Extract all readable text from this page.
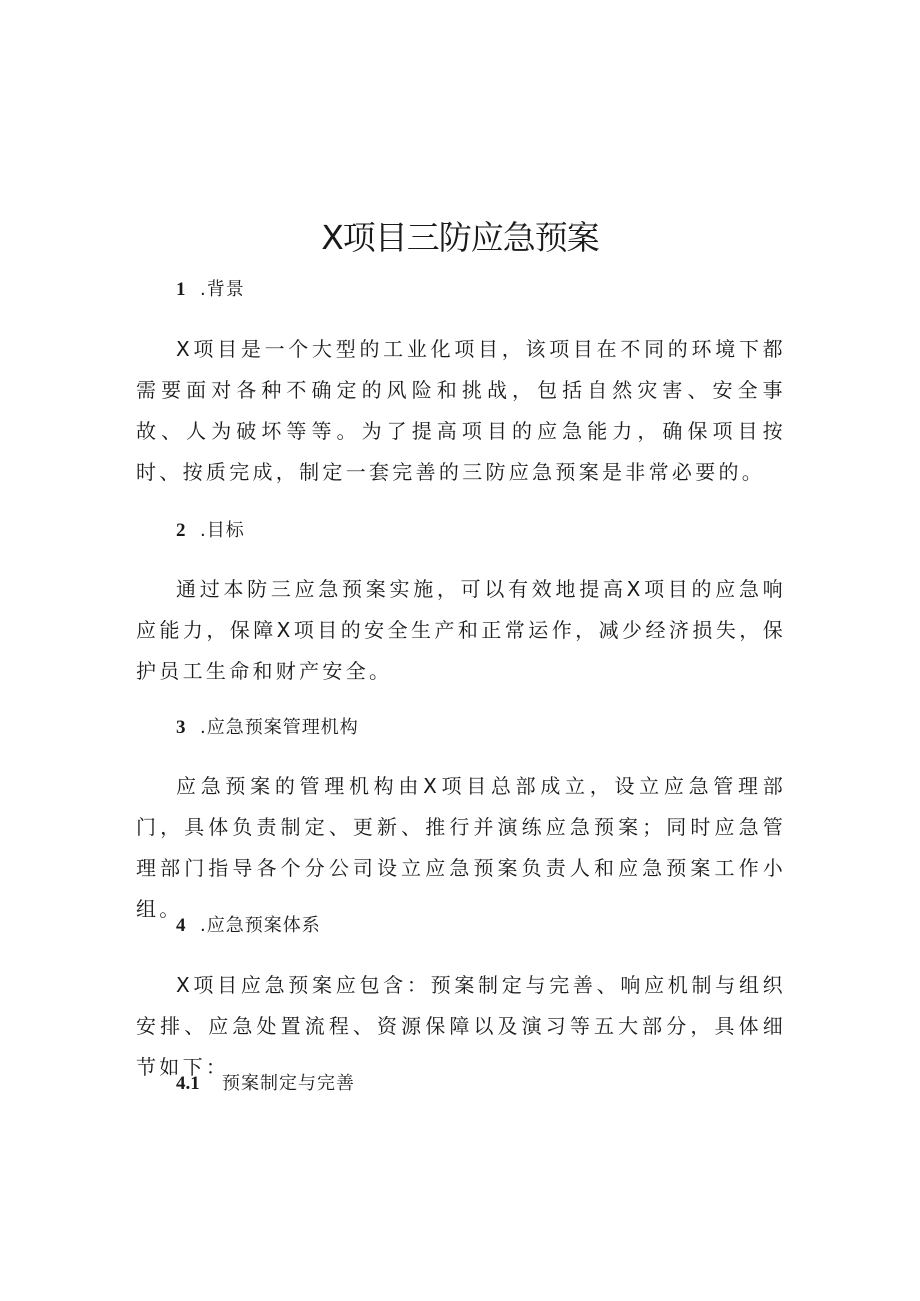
X项目三防应急预案
1 .背景

X项目是一个大型的工业化项目，该项目在不同的环境下都需要面对各种不确定的风险和挑战，包括自然灾害、安全事故、人为破坏等等。为了提高项目的应急能力，确保项目按时、按质完成，制定一套完善的三防应急预案是非常必要的。

2 .目标

通过本防三应急预案实施，可以有效地提高X项目的应急响应能力，保障X项目的安全生产和正常运作，减少经济损失，保护员工生命和财产安全。

3 .应急预案管理机构

应急预案的管理机构由X项目总部成立，设立应急管理部门，具体负责制定、更新、推行并演练应急预案；同时应急管理部门指导各个分公司设立应急预案负责人和应急预案工作小组。

4 .应急预案体系

X项目应急预案应包含：预案制定与完善、响应机制与组织安排、应急处置流程、资源保障以及演习等五大部分，具体细节如下：

4.1 预案制定与完善
